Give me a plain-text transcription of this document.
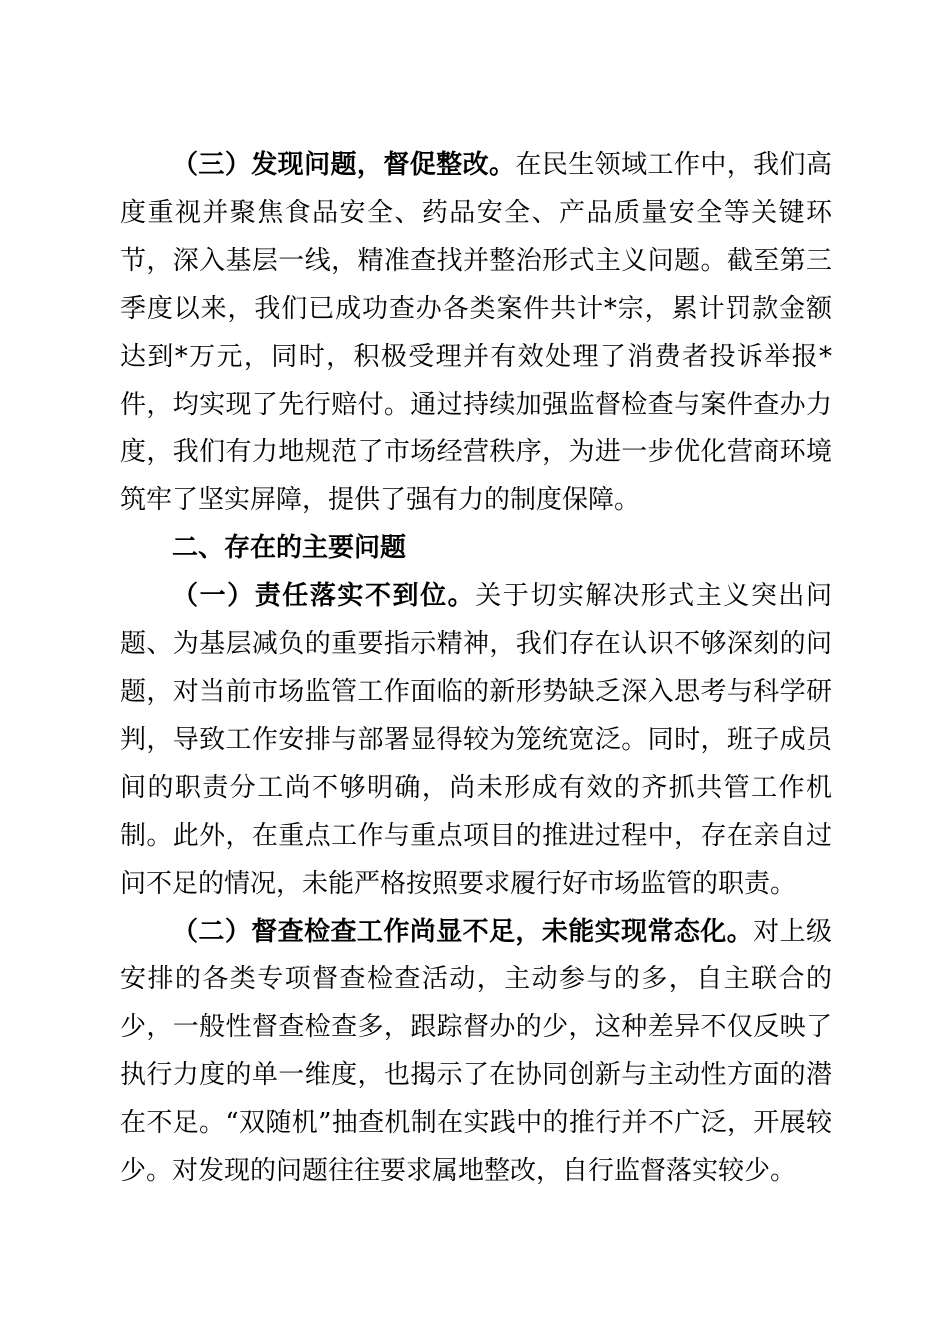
（三）发现问题，督促整改。在民生领域工作中，我们高度重视并聚焦食品安全、药品安全、产品质量安全等关键环节，深入基层一线，精准查找并整治形式主义问题。截至第三季度以来，我们已成功查办各类案件共计*宗，累计罚款金额达到*万元，同时，积极受理并有效处理了消费者投诉举报*件，均实现了先行赔付。通过持续加强监督检查与案件查办力度，我们有力地规范了市场经营秩序，为进一步优化营商环境筑牢了坚实屏障，提供了强有力的制度保障。

二、存在的主要问题

（一）责任落实不到位。关于切实解决形式主义突出问题、为基层减负的重要指示精神，我们存在认识不够深刻的问题，对当前市场监管工作面临的新形势缺乏深入思考与科学研判，导致工作安排与部署显得较为笼统宽泛。同时，班子成员间的职责分工尚不够明确，尚未形成有效的齐抓共管工作机制。此外，在重点工作与重点项目的推进过程中，存在亲自过问不足的情况，未能严格按照要求履行好市场监管的职责。

（二）督查检查工作尚显不足，未能实现常态化。对上级安排的各类专项督查检查活动，主动参与的多，自主联合的少，一般性督查检查多，跟踪督办的少，这种差异不仅反映了执行力度的单一维度，也揭示了在协同创新与主动性方面的潜在不足。“双随机”抽查机制在实践中的推行并不广泛，开展较少。对发现的问题往往要求属地整改，自行监督落实较少。
